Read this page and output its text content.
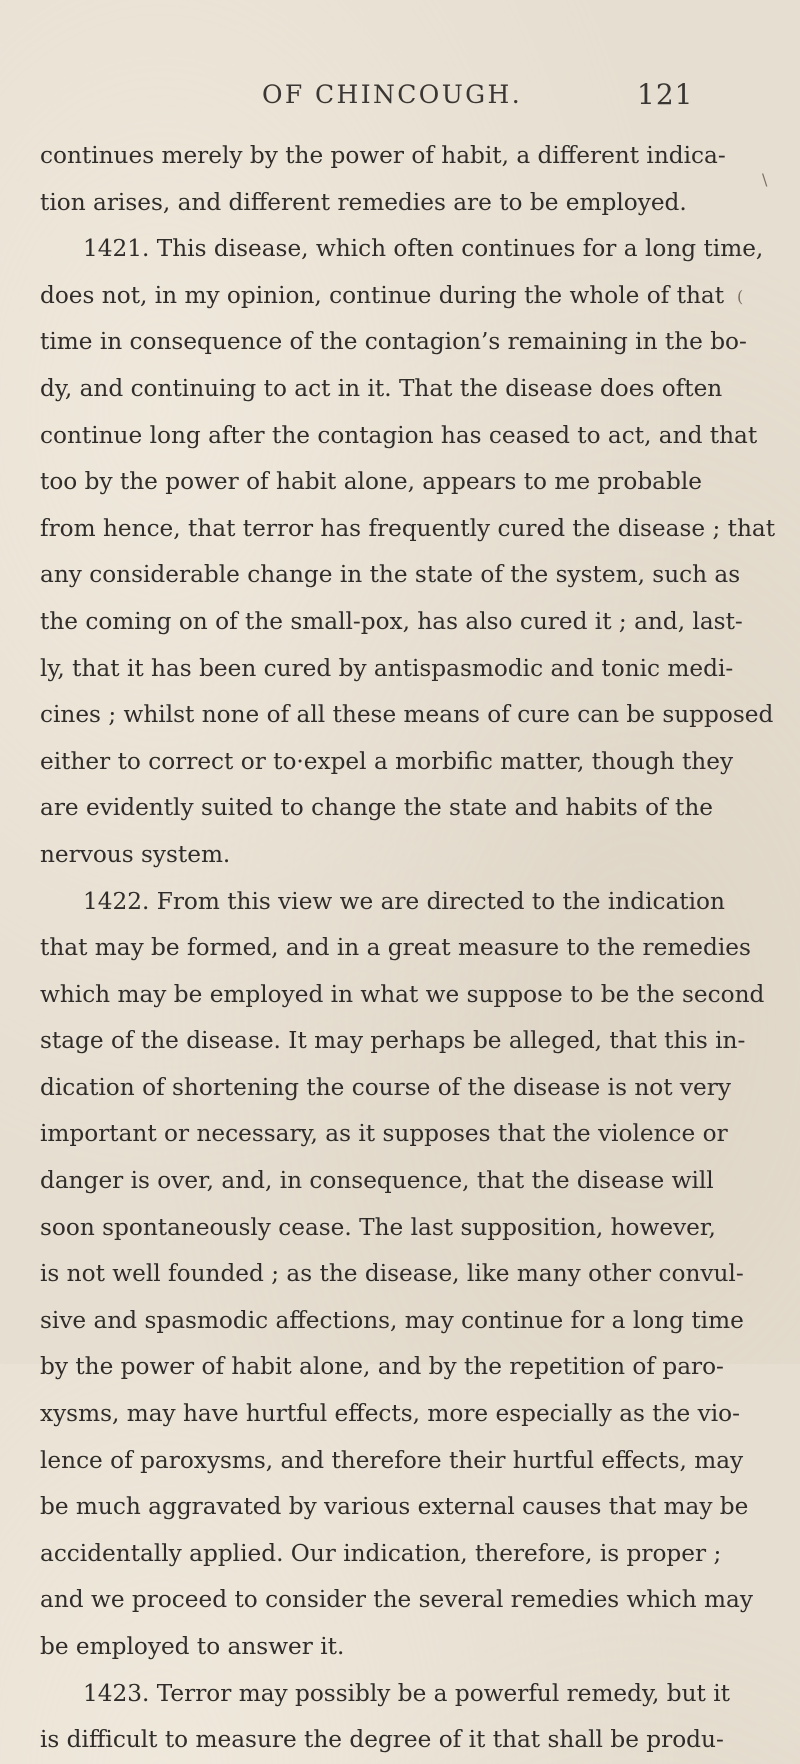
OF CHINCOUGH.	121
continues merely by the power of habit, a different indica-
tion arises, and different remedies are to be employed.
1421. This disease, which often continues for a long time,
does not, in my opinion, continue during the whole of that
time in consequence of the contagion’s remaining in the bo-
dy, and continuing to act in it. That the disease does often
continue long after the contagion has ceased to act, and that
too by the power of habit alone, appears to me probable
from hence, that terror has frequently cured the disease ; that
any considerable change in the state of the system, such as
the coming on of the small-pox, has also cured it ; and, last-
ly, that it has been cured by antispasmodic and tonic medi-
cines ; whilst none of all these means of cure can be supposed
either to correct or to·expel a morbific matter, though they
are evidently suited to change the state and habits of the
nervous system.
1422. From this view we are directed to the indication
that may be formed, and in a great measure to the remedies
which may be employed in what we suppose to be the second
stage of the disease. It may perhaps be alleged, that this in-
dication of shortening the course of the disease is not very
important or necessary, as it supposes that the violence or
danger is over, and, in consequence, that the disease will
soon spontaneously cease. The last supposition, however,
is not well founded ; as the disease, like many other convul-
sive and spasmodic affections, may continue for a long time
by the power of habit alone, and by the repetition of paro-
xysms, may have hurtful effects, more especially as the vio-
lence of paroxysms, and therefore their hurtful effects, may
be much aggravated by various external causes that may be
accidentally applied. Our indication, therefore, is proper ;
and we proceed to consider the several remedies which may
be employed to answer it.
1423. Terror may possibly be a powerful remedy, but it
is difficult to measure the degree of it that shall be produ-
\
(
